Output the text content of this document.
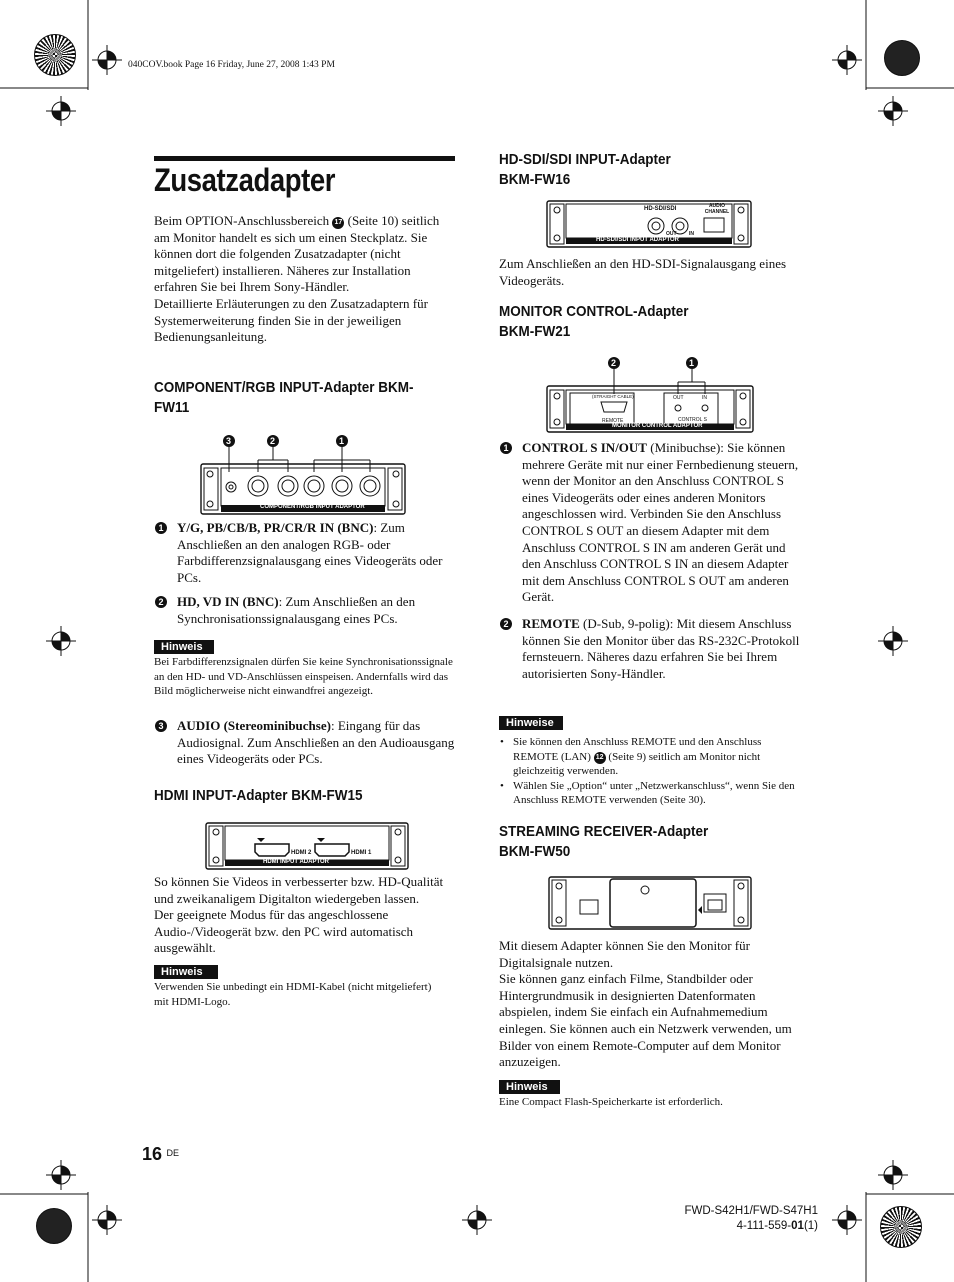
040COV.book Page 16 Friday, June 27, 2008 1:43 PM
Zusatzadapter
Beim OPTION-Anschlussbereich 17 (Seite 10) seitlich am Monitor handelt es sich um einen Steckplatz. Sie können dort die folgenden Zusatzadapter (nicht mitgeliefert) installieren. Näheres zur Installation erfahren Sie bei Ihrem Sony-Händler.
Detaillierte Erläuterungen zu den Zusatzadaptern für Systemerweiterung finden Sie in der jeweiligen Bedienungsanleitung.
COMPONENT/RGB INPUT-Adapter BKM-
FW11
3	2	1
COMPONENT/RGB INPUT ADAPTOR
1 Y/G, PB/CB/B, PR/CR/R IN (BNC): Zum Anschließen an den analogen RGB- oder Farbdifferenzsignalausgang eines Videogeräts oder PCs.
2 HD, VD IN (BNC): Zum Anschließen an den Synchronisationssignalausgang eines PCs.
Hinweis
Bei Farbdifferenzsignalen dürfen Sie keine Synchronisationssignale an den HD- und VD-Anschlüssen einspeisen. Andernfalls wird das Bild möglicherweise nicht einwandfrei angezeigt.
3 AUDIO (Stereominibuchse): Eingang für das Audiosignal. Zum Anschließen an den Audioausgang eines Videogeräts oder PCs.
HDMI INPUT-Adapter BKM-FW15
HDMI 2	HDMI 1
HDMI INPUT ADAPTOR
So können Sie Videos in verbesserter bzw. HD-Qualität und zweikanaligem Digitalton wiedergeben lassen.
Der geeignete Modus für das angeschlossene Audio-/Videogerät bzw. den PC wird automatisch ausgewählt.
Hinweis
Verwenden Sie unbedingt ein HDMI-Kabel (nicht mitgeliefert) mit HDMI-Logo.
HD-SDI/SDI INPUT-Adapter
BKM-FW16
HD-SDI/SDI	AUDIO CHANNEL
OUT IN
HD-SDI/SDI INPUT ADAPTOR
Zum Anschließen an den HD-SDI-Signalausgang eines Videogeräts.
MONITOR CONTROL-Adapter
BKM-FW21
2	1
(STRAIGHT CABLE)
REMOTE
OUT	IN
CONTROL S
MONITOR CONTROL ADAPTOR
1 CONTROL S IN/OUT (Minibuchse): Sie können mehrere Geräte mit nur einer Fernbedienung steuern, wenn der Monitor an den Anschluss CONTROL S eines Videogeräts oder eines anderen Monitors angeschlossen wird. Verbinden Sie den Anschluss CONTROL S OUT an diesem Adapter mit dem Anschluss CONTROL S IN am anderen Gerät und den Anschluss CONTROL S IN an diesem Adapter mit dem Anschluss CONTROL S OUT am anderen Gerät.
2 REMOTE (D-Sub, 9-polig): Mit diesem Anschluss können Sie den Monitor über das RS-232C-Protokoll fernsteuern. Näheres dazu erfahren Sie bei Ihrem autorisierten Sony-Händler.
Hinweise
• Sie können den Anschluss REMOTE und den Anschluss REMOTE (LAN) 12 (Seite 9) seitlich am Monitor nicht gleichzeitig verwenden.
• Wählen Sie „Option“ unter „Netzwerkanschluss“, wenn Sie den Anschluss REMOTE verwenden (Seite 30).
STREAMING RECEIVER-Adapter
BKM-FW50
Mit diesem Adapter können Sie den Monitor für Digitalsignale nutzen.
Sie können ganz einfach Filme, Standbilder oder Hintergrundmusik in designierten Datenformaten abspielen, indem Sie einfach ein Aufnahmemedium einlegen. Sie können auch ein Netzwerk verwenden, um Bilder von einem Remote-Computer auf dem Monitor anzuzeigen.
Hinweis
Eine Compact Flash-Speicherkarte ist erforderlich.
16 $^{DE}$
FWD-S42H1/FWD-S47H1
4-111-559-01(1)
